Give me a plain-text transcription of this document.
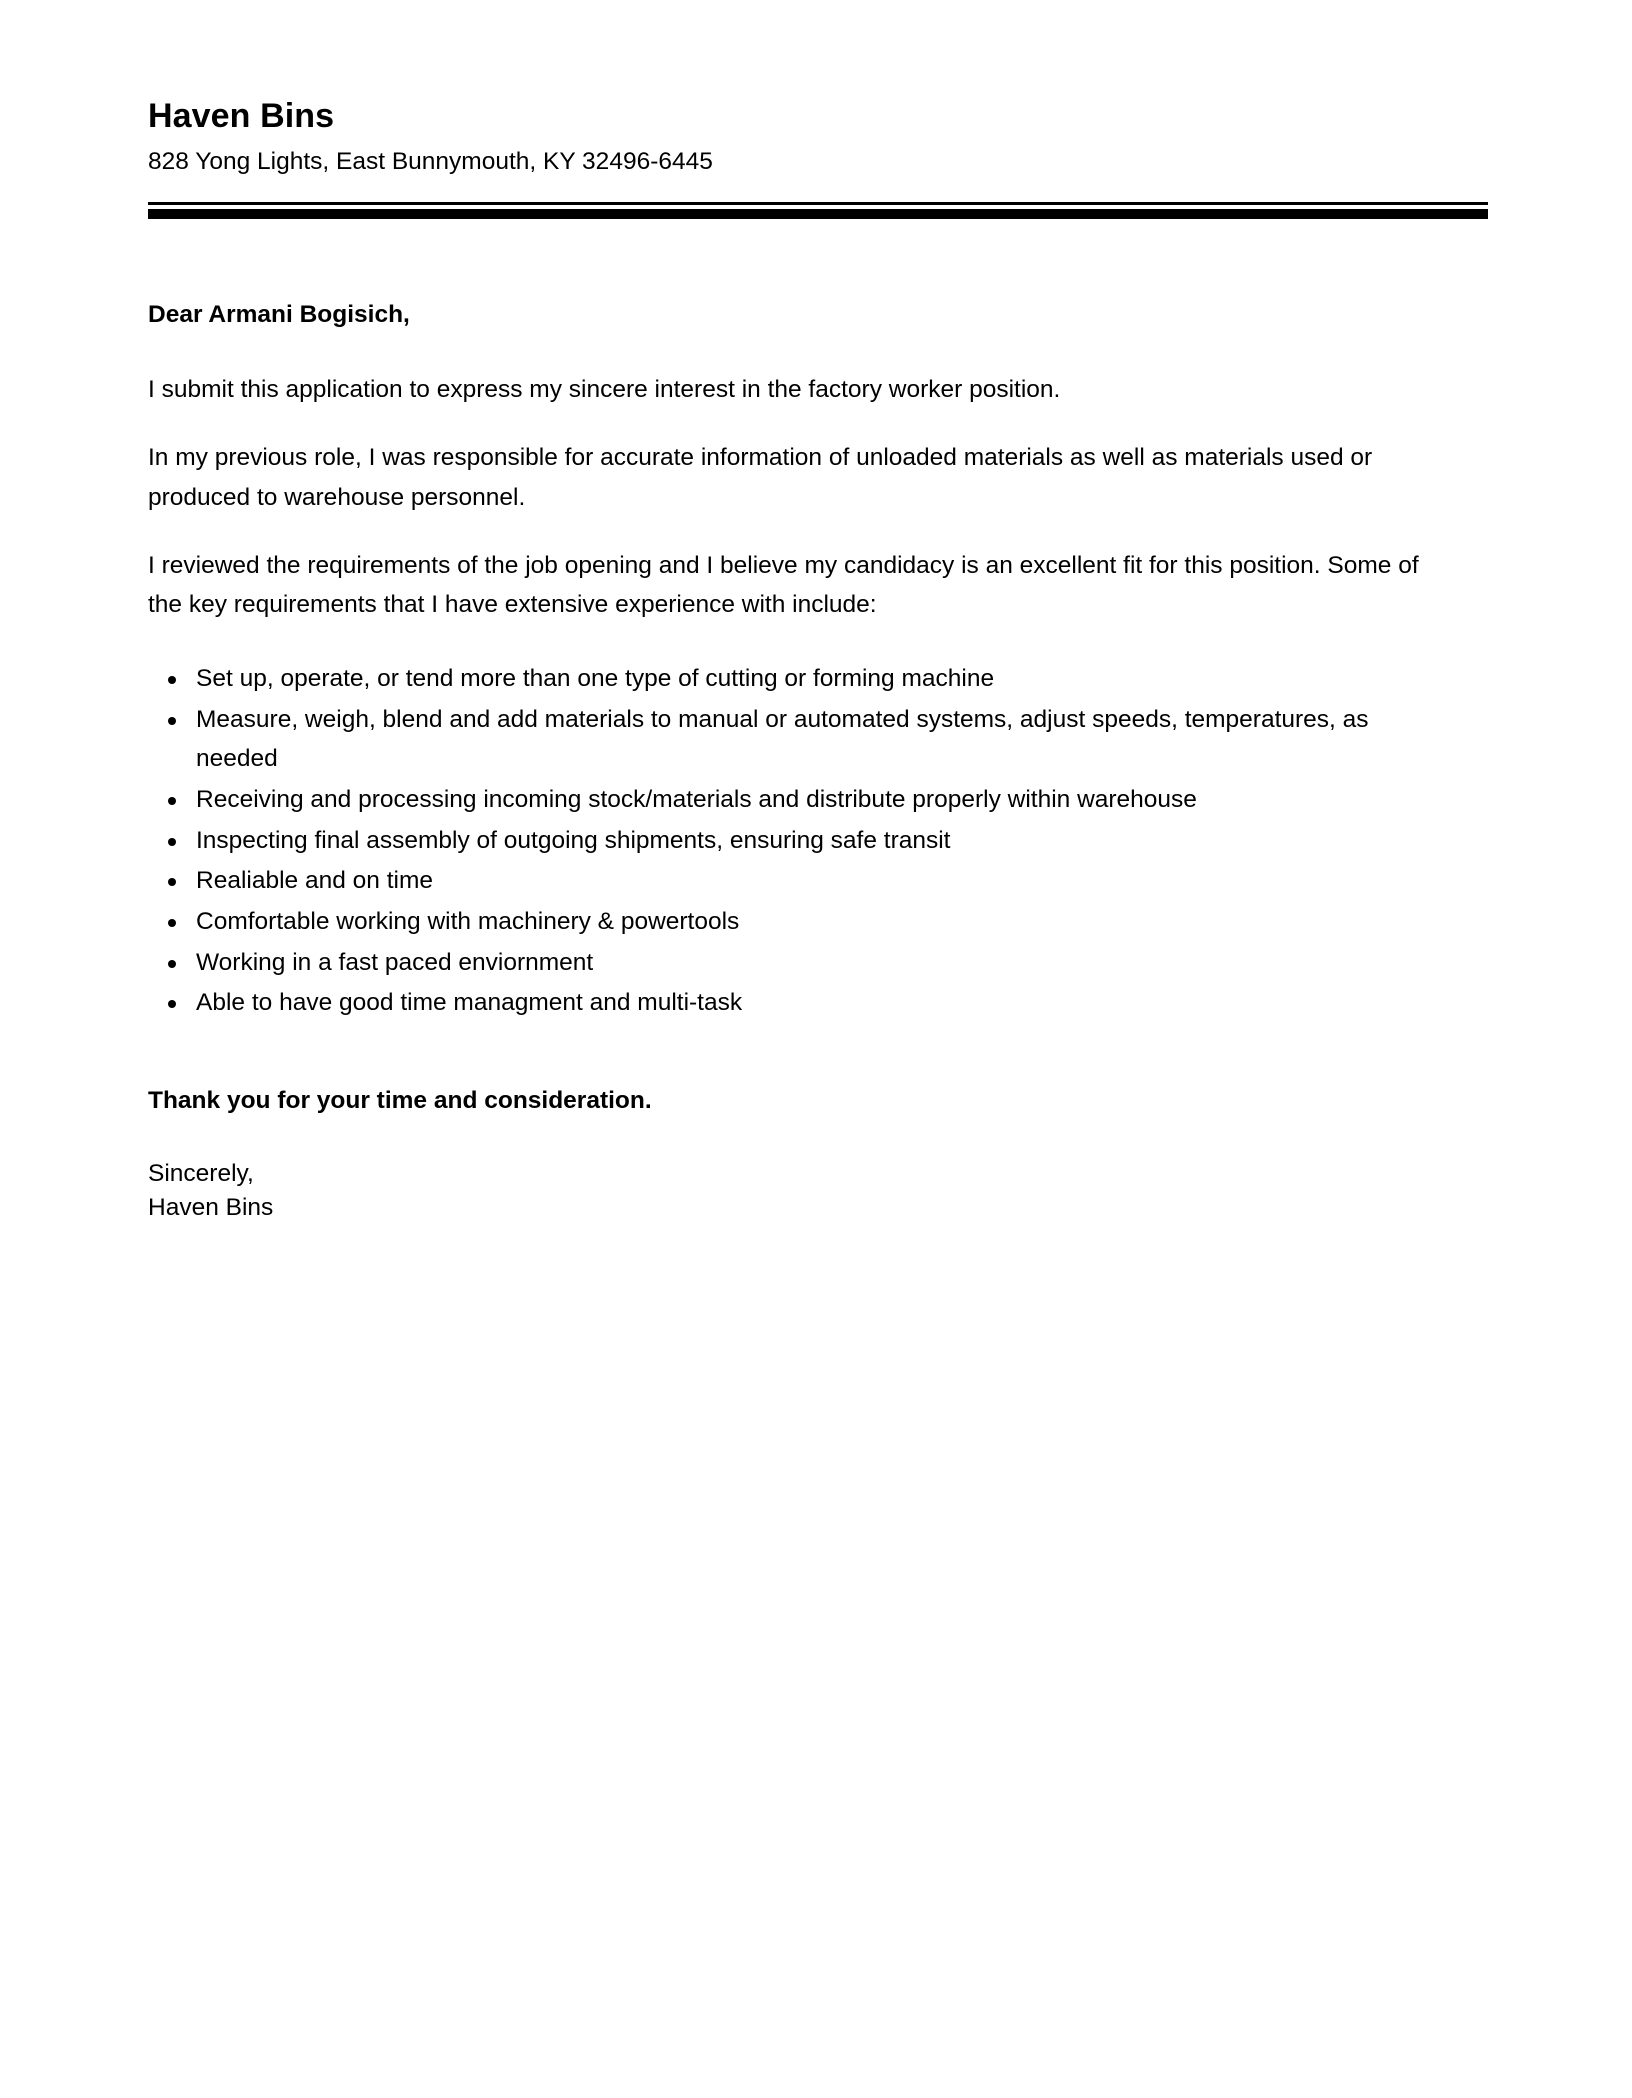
Haven Bins
828 Yong Lights, East Bunnymouth, KY 32496-6445

Dear Armani Bogisich,

I submit this application to express my sincere interest in the factory worker position.

In my previous role, I was responsible for accurate information of unloaded materials as well as materials used or produced to warehouse personnel.

I reviewed the requirements of the job opening and I believe my candidacy is an excellent fit for this position. Some of the key requirements that I have extensive experience with include:

Set up, operate, or tend more than one type of cutting or forming machine
Measure, weigh, blend and add materials to manual or automated systems, adjust speeds, temperatures, as needed
Receiving and processing incoming stock/materials and distribute properly within warehouse
Inspecting final assembly of outgoing shipments, ensuring safe transit
Realiable and on time
Comfortable working with machinery & powertools
Working in a fast paced enviornment
Able to have good time managment and multi-task

Thank you for your time and consideration.

Sincerely,

Haven Bins
